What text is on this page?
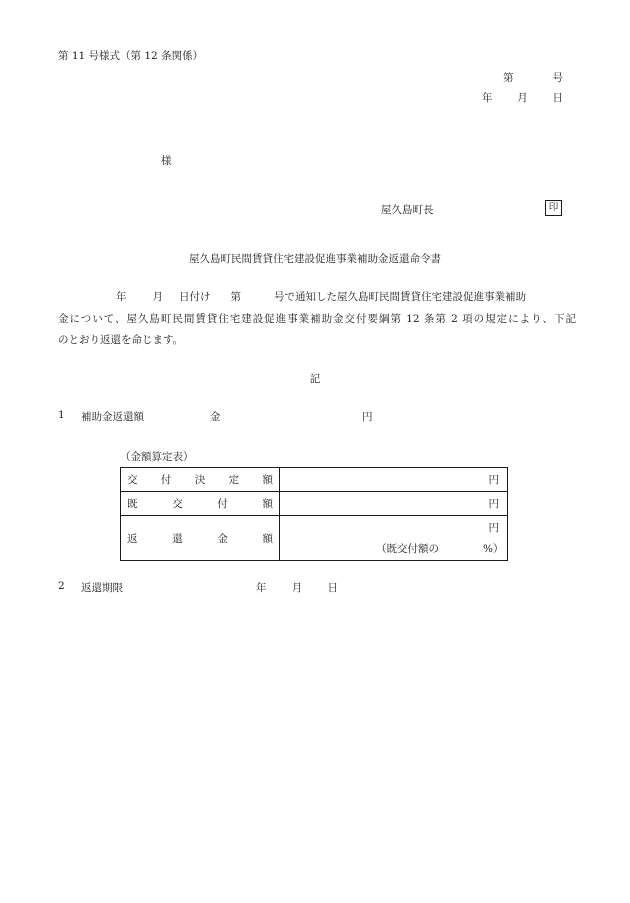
第 11 号様式（第 12 条関係）
第	号
年 月 日
様
屋久島町長	印
屋久島町民間賃貸住宅建設促進事業補助金返還命令書
年 月 日付け 第	号で通知した屋久島町民間賃貸住宅建設促進事業補助
金について、屋久島町民間賃貸住宅建設促進事業補助金交付要綱第 12 条第 2 項の規定により、下記
のとおり返還を命じます。
記
1 補助金返還額	金	円
（金額算定表）
交 付 決 定 額	円

既 交 付 額	円

返 還 金 額	円
（既交付額の %）
2 返還期限	年 月 日
